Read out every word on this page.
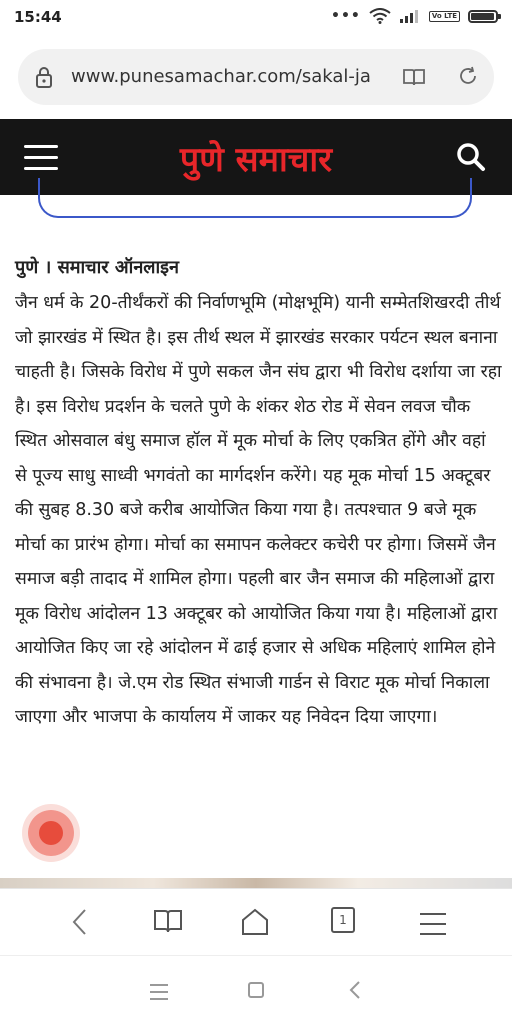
15:44	•••	Vo LTE
www.punesamachar.com/sakal-ja
पुणे समाचार
पुणे । समाचार ऑनलाइन
जैन धर्म के 20-तीर्थंकरों की निर्वाणभूमि (मोक्षभूमि) यानी सम्मेतशिखरदी तीर्थ जो झारखंड में स्थित है। इस तीर्थ स्थल में झारखंड सरकार पर्यटन स्थल बनाना चाहती है। जिसके विरोध में पुणे सकल जैन संघ द्वारा भी विरोध दर्शाया जा रहा है। इस विरोध प्रदर्शन के चलते पुणे के शंकर शेठ रोड में सेवन लवज चौक स्थित ओसवाल बंधु समाज हॉल में मूक मोर्चा के लिए एकत्रित होंगे और वहां से पूज्य साधु साध्वी भगवंतो का मार्गदर्शन करेंगे। यह मूक मोर्चा 15 अक्टूबर की सुबह 8.30 बजे करीब आयोजित किया गया है। तत्पश्चात 9 बजे मूक मोर्चा का प्रारंभ होगा। मोर्चा का समापन कलेक्टर कचेरी पर होगा। जिसमें जैन समाज बड़ी तादाद में शामिल होगा। पहली बार जैन समाज की महिलाओं द्वारा मूक विरोध आंदोलन 13 अक्टूबर को आयोजित किया गया है। महिलाओं द्वारा आयोजित किए जा रहे आंदोलन में ढाई हजार से अधिक महिलाएं शामिल होने की संभावना है। जे.एम रोड स्थित संभाजी गार्डन से विराट मूक मोर्चा निकाला जाएगा और भाजपा के कार्यालय में जाकर यह निवेदन दिया जाएगा।
1
